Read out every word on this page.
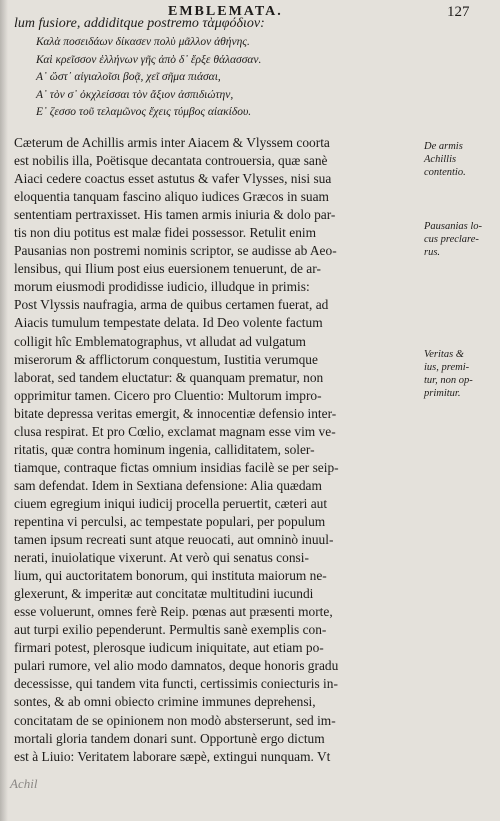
EMBLEMATA.	127
lum fusiore, addiditque postremo τὰμφόδιον:
Καλὰ ποσειδάων δίκασεν πολὺ μᾶλλον ἀθήνης.
Καὶ κρεῖσσον ἑλλήνων γῆς ἀπὸ δ᾽ ἔρξε θάλασσαν.
Α᾽ ὥστ᾽ αἰγιαλοῖσι βοᾷ, χεῖ σῆμα πιάσαι,
Α᾽ τὸν σ᾽ ὀκχλείσσαι τὸν ἄξιον ἀσπιδιώτην,
Ε᾽ ζεσσο τοῦ τελαμῶνος ἔχεις τύμβος αἰακίδου.
Cæterum de Achillis armis inter Aiacem & Vlyssem coorta
est nobilis illa, Poëtisque decantata controuersia, quæ sanè
Aiaci cedere coactus esset astutus & vafer Vlysses, nisi sua
eloquentia tanquam fascino aliquo iudices Græcos in suam
sententiam pertraxisset. His tamen armis iniuria & dolo par-
tis non diu potitus est malæ fidei possessor. Retulit enim
Pausanias non postremi nominis scriptor, se audisse ab Aeo-
lensibus, qui Ilium post eius euersionem tenuerunt, de ar-
morum eiusmodi prodidisse iudicio, illudque in primis:
Post Vlyssis naufragia, arma de quibus certamen fuerat, ad
Aiacis tumulum tempestate delata. Id Deo volente factum
colligit hîc Emblematographus, vt alludat ad vulgatum
miserorum & afflictorum conquestum, Iustitia verumque
laborat, sed tandem eluctatur: & quanquam prematur, non
opprimitur tamen. Cicero pro Cluentio: Multorum impro-
bitate depressa veritas emergit, & innocentiæ defensio inter-
clusa respirat. Et pro Cœlio, exclamat magnam esse vim ve-
ritatis, quæ contra hominum ingenia, calliditatem, soler-
tiamque, contraque fictas omnium insidias facilè se per seip-
sam defendat. Idem in Sextiana defensione: Alia quædam
ciuem egregium iniqui iudicij procella peruertit, cæteri aut
repentina vi perculsi, ac tempestate populari, per populum
tamen ipsum recreati sunt atque reuocati, aut omninò inuul-
nerati, inuiolatique vixerunt. At verò qui senatus consi-
lium, qui auctoritatem bonorum, qui instituta maiorum ne-
glexerunt, & imperitæ aut concitatæ multitudini iucundi
esse voluerunt, omnes ferè Reip. pœnas aut præsenti morte,
aut turpi exilio pependerunt. Permultis sanè exemplis con-
firmari potest, plerosque iudicum iniquitate, aut etiam po-
pulari rumore, vel alio modo damnatos, deque honoris gradu
decessisse, qui tandem vita functi, certissimis coniecturis in-
sontes, & ab omni obiecto crimine immunes deprehensi,
concitatam de se opinionem non modò absterserunt, sed im-
mortali gloria tandem donari sunt. Opportunè ergo dictum
est à Liuio: Veritatem laborare sæpè, extingui nunquam. Vt
De armis
Achillis
contentio.
Pausanias lo-
cus preclare-
rus.
Veritas &
ius, premi-
tur, non op-
primitur.
Achil
